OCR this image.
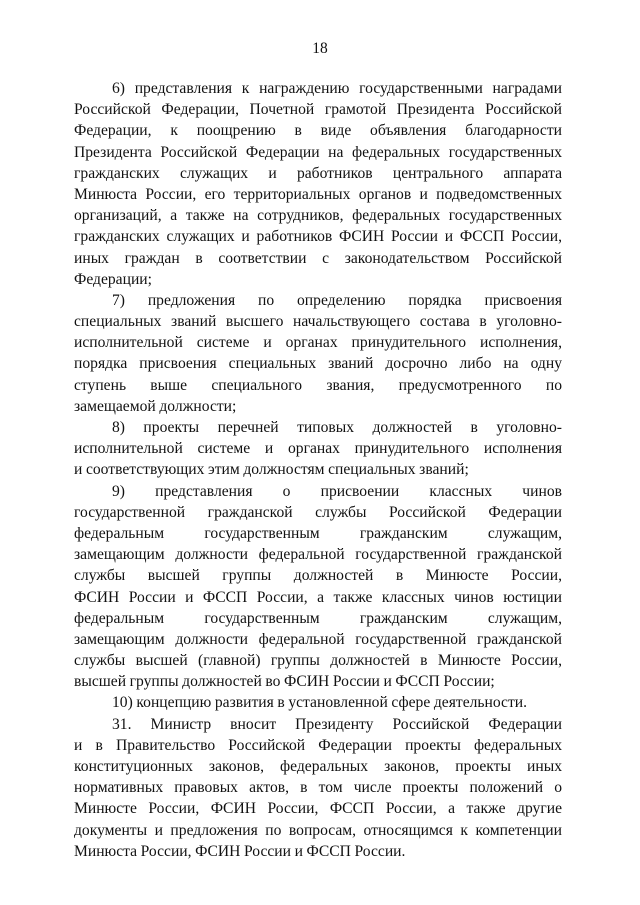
18
6) представления к награждению государственными наградами
Российской Федерации, Почетной грамотой Президента Российской
Федерации, к поощрению в виде объявления благодарности
Президента Российской Федерации на федеральных государственных
гражданских служащих и работников центрального аппарата
Минюста России, его территориальных органов и подведомственных
организаций, а также на сотрудников, федеральных государственных
гражданских служащих и работников ФСИН России и ФССП России,
иных граждан в соответствии с законодательством Российской
Федерации;
7) предложения по определению порядка присвоения
специальных званий высшего начальствующего состава в уголовно-
исполнительной системе и органах принудительного исполнения,
порядка присвоения специальных званий досрочно либо на одну
ступень выше специального звания, предусмотренного по
замещаемой должности;
8) проекты перечней типовых должностей в уголовно-
исполнительной системе и органах принудительного исполнения
и соответствующих этим должностям специальных званий;
9) представления о присвоении классных чинов
государственной гражданской службы Российской Федерации
федеральным государственным гражданским служащим,
замещающим должности федеральной государственной гражданской
службы высшей группы должностей в Минюсте России,
ФСИН России и ФССП России, а также классных чинов юстиции
федеральным государственным гражданским служащим,
замещающим должности федеральной государственной гражданской
службы высшей (главной) группы должностей в Минюсте России,
высшей группы должностей во ФСИН России и ФССП России;
10) концепцию развития в установленной сфере деятельности.
31. Министр вносит Президенту Российской Федерации
и в Правительство Российской Федерации проекты федеральных
конституционных законов, федеральных законов, проекты иных
нормативных правовых актов, в том числе проекты положений о
Минюсте России, ФСИН России, ФССП России, а также другие
документы и предложения по вопросам, относящимся к компетенции
Минюста России, ФСИН России и ФССП России.
